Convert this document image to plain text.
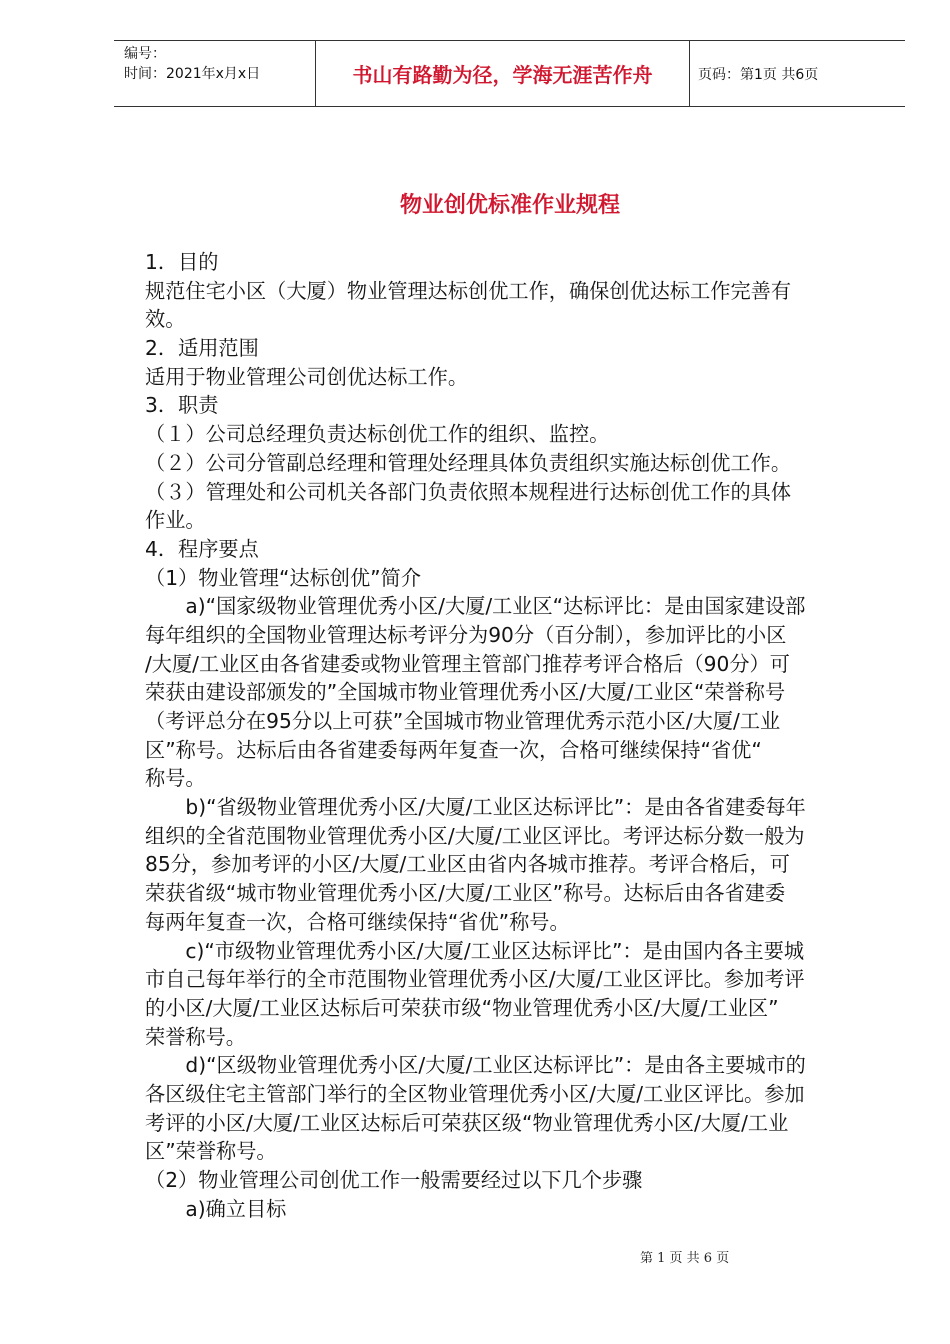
编号：
时间：2021年x月x日	书山有路勤为径，学海无涯苦作舟	页码：第1页 共6页
物业创优标准作业规程
1．目的
规范住宅小区（大厦）物业管理达标创优工作，确保创优达标工作完善有
效。
2．适用范围
适用于物业管理公司创优达标工作。
3．职责
（１）公司总经理负责达标创优工作的组织、监控。
（２）公司分管副总经理和管理处经理具体负责组织实施达标创优工作。
（３）管理处和公司机关各部门负责依照本规程进行达标创优工作的具体
作业。
4．程序要点
（1）物业管理“达标创优”简介
　　a)“国家级物业管理优秀小区/大厦/工业区“达标评比：是由国家建设部
每年组织的全国物业管理达标考评分为90分（百分制），参加评比的小区
/大厦/工业区由各省建委或物业管理主管部门推荐考评合格后（90分）可
荣获由建设部颁发的”全国城市物业管理优秀小区/大厦/工业区“荣誉称号
（考评总分在95分以上可获”全国城市物业管理优秀示范小区/大厦/工业
区”称号。达标后由各省建委每两年复查一次，合格可继续保持“省优“
称号。
　　b)“省级物业管理优秀小区/大厦/工业区达标评比”：是由各省建委每年
组织的全省范围物业管理优秀小区/大厦/工业区评比。考评达标分数一般为
85分，参加考评的小区/大厦/工业区由省内各城市推荐。考评合格后，可
荣获省级“城市物业管理优秀小区/大厦/工业区”称号。达标后由各省建委
每两年复查一次，合格可继续保持“省优”称号。
　　c)“市级物业管理优秀小区/大厦/工业区达标评比”：是由国内各主要城
市自己每年举行的全市范围物业管理优秀小区/大厦/工业区评比。参加考评
的小区/大厦/工业区达标后可荣获市级“物业管理优秀小区/大厦/工业区”
荣誉称号。
　　d)“区级物业管理优秀小区/大厦/工业区达标评比”：是由各主要城市的
各区级住宅主管部门举行的全区物业管理优秀小区/大厦/工业区评比。参加
考评的小区/大厦/工业区达标后可荣获区级“物业管理优秀小区/大厦/工业
区”荣誉称号。
（2）物业管理公司创优工作一般需要经过以下几个步骤
　　a)确立目标
第 1 页 共 6 页
